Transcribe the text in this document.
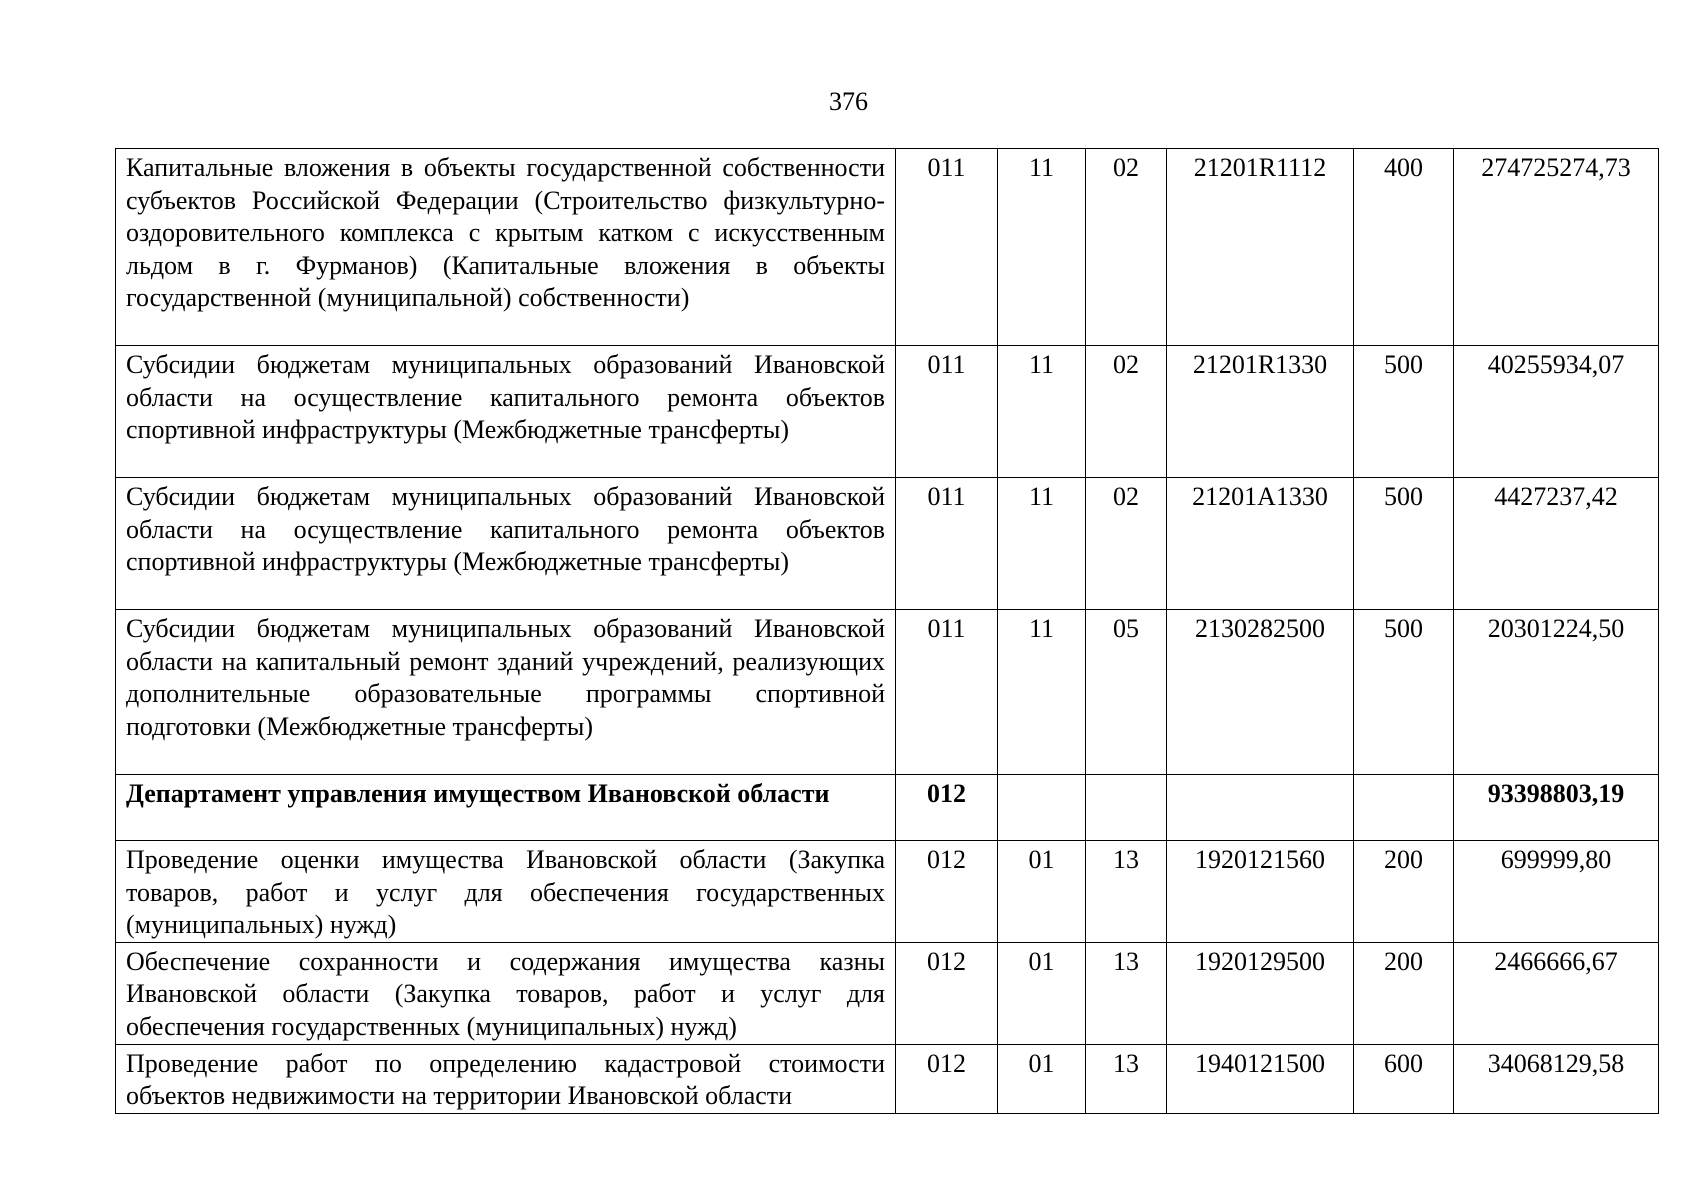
376
Капитальные вложения в объекты государственной собственности субъектов Российской Федерации (Строительство физкультурно-оздоровительного комплекса с крытым катком с искусственным льдом в г. Фурманов) (Капитальные вложения в объекты государственной (муниципальной) собственности)	011	11	02	21201R1112	400	274725274,73
Субсидии бюджетам муниципальных образований Ивановской области на осуществление капитального ремонта объектов спортивной инфраструктуры (Межбюджетные трансферты)	011	11	02	21201R1330	500	40255934,07
Субсидии бюджетам муниципальных образований Ивановской области на осуществление капитального ремонта объектов спортивной инфраструктуры (Межбюджетные трансферты)	011	11	02	21201А1330	500	4427237,42
Субсидии бюджетам муниципальных образований Ивановской области на капитальный ремонт зданий учреждений, реализующих дополнительные образовательные программы спортивной подготовки (Межбюджетные трансферты)	011	11	05	2130282500	500	20301224,50
Департамент управления имуществом Ивановской области	012					93398803,19
Проведение оценки имущества Ивановской области (Закупка товаров, работ и услуг для обеспечения государственных (муниципальных) нужд)	012	01	13	1920121560	200	699999,80
Обеспечение сохранности и содержания имущества казны Ивановской области (Закупка товаров, работ и услуг для обеспечения государственных (муниципальных) нужд)	012	01	13	1920129500	200	2466666,67
Проведение работ по определению кадастровой стоимости объектов недвижимости на территории Ивановской области	012	01	13	1940121500	600	34068129,58
